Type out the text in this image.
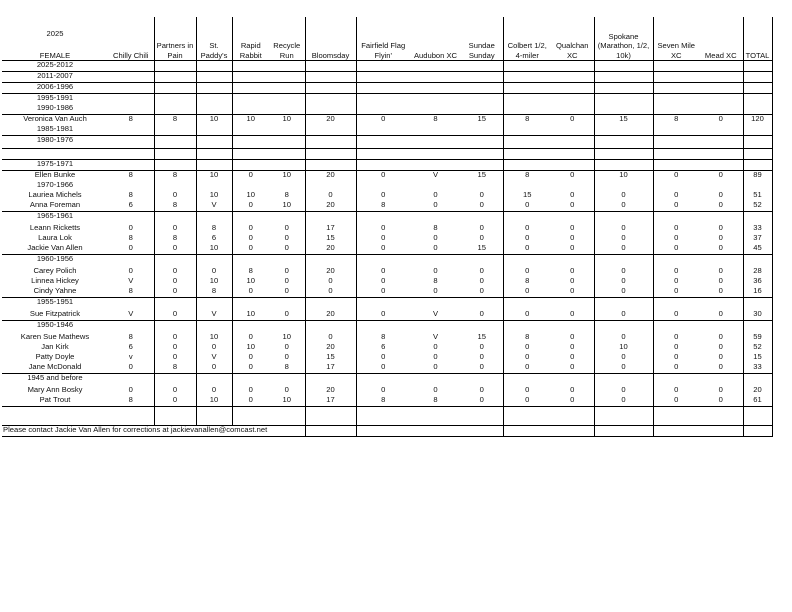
2025
FEMALE	Chilly Chili	Partners in Pain	St. Paddy's	Rapid Rabbit	Recycle Run	Bloomsday	Fairfield Flag Flyin'	Audubon XC	Sundae Sunday	Colbert 1/2, 4-miler	Qualchan XC	Spokane (Marathon, 1/2, 10k)	Seven Mile XC	Mead XC	TOTAL
2025-2012															
2011-2007															
2006-1996															
1995-1991															
1990-1986															
Veronica Van Auch	8	8	10	10	10	20	0	8	15	8	0	15	8	0	120
1985-1981															
1980-1976															

1975-1971															
Ellen Bunke	8	8	10	0	10	20	0	V	15	8	0	10	0	0	89
1970-1966															
Lauriea Michels	8	0	10	10	8	0	0	0	0	15	0	0	0	0	51
Anna Foreman	6	8	V	0	10	20	8	0	0	0	0	0	0	0	52
1965-1961															
Leann Ricketts	0	0	8	0	0	17	0	8	0	0	0	0	0	0	33
Laura Lok	8	8	6	0	0	15	0	0	0	0	0	0	0	0	37
Jackie Van Allen	0	0	10	0	0	20	0	0	15	0	0	0	0	0	45
1960-1956															
Carey Polich	0	0	0	8	0	20	0	0	0	0	0	0	0	0	28
Linnea Hickey	V	0	10	10	0	0	0	8	0	8	0	0	0	0	36
Cindy Yahne	8	0	8	0	0	0	0	0	0	0	0	0	0	0	16
1955-1951															
Sue Fitzpatrick	V	0	V	10	0	20	0	V	0	0	0	0	0	0	30
1950-1946															
Karen Sue Mathews	8	0	10	0	10	0	8	V	15	8	0	0	0	0	59
Jan Kirk	6	0	0	10	0	20	6	0	0	0	0	10	0	0	52
Patty Doyle	v	0	V	0	0	15	0	0	0	0	0	0	0	0	15
Jane McDonald	0	8	0	0	8	17	0	0	0	0	0	0	0	0	33
1945 and before															
Mary Ann Bosky	0	0	0	0	0	20	0	0	0	0	0	0	0	0	20
Pat Trout	8	0	10	0	10	17	8	8	0	0	0	0	0	0	61

Please contact Jackie Van Allen for corrections at jackievanallen@comcast.net															
